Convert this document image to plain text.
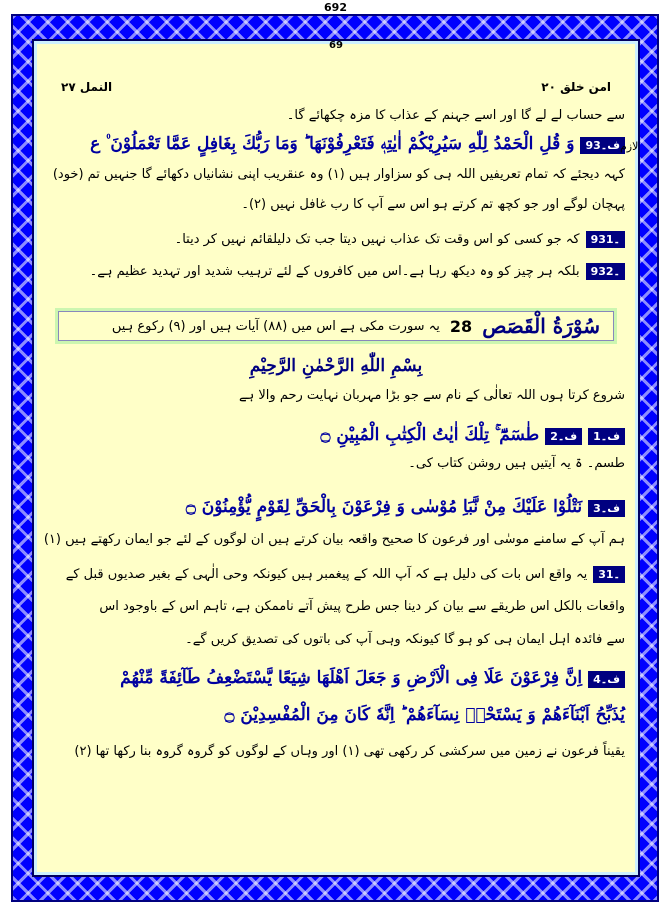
692
69
امن خلق ۲۰
النمل ۲۷
سے حساب لے لے گا اور اسے جہنم کے عذاب کا مزہ چکھائے گا۔
ف۔93وَ قُلِ الْحَمْدُ لِلّٰهِ سَيُرِيْكُمْ اٰيٰتِهٖ فَتَعْرِفُوْنَهَا ؕ وَمَا رَبُّكَ بِغَافِلٍ عَمَّا تَعْمَلُوْنَ ۠ ع
کہہ دیجئے کہ تمام تعریفیں اللہ ہی کو سزاوار ہیں (۱) وہ عنقریب اپنی نشانیاں دکھائے گا جنہیں تم (خود)
پہچان لوگے اور جو کچھ تم کرتے ہو اس سے آپ کا رب غافل نہیں (۲)۔
93۔1کہ جو کسی کو اس وقت تک عذاب نہیں دیتا جب تک دلیلقائم نہیں کر دیتا۔
93۔2بلکہ ہر چیز کو وہ دیکھ رہا ہے۔اس میں کافروں کے لئے ترہیب شدید اور تہدید عظیم ہے۔
سُوْرَةُ الْقَصَص
28
یہ سورت مکی ہے اس میں (۸۸) آیات ہیں اور (۹) رکوع ہیں
بِسْمِ اللّٰهِ الرَّحْمٰنِ الرَّحِيْمِ
شروع کرتا ہوں اللہ تعالٰی کے نام سے جو بڑا مہربان نہایت رحم والا ہے
ف۔1ف۔2طٰسٓمّٓ ۚ تِلْكَ اٰيٰتُ الْكِتٰبِ الْمُبِيْنِ ۝
طسم۔ ۃ یہ آیتیں ہیں روشن کتاب کی۔
ف۔3نَتْلُوْا عَلَيْكَ مِنْ نَّبَاِ مُوْسٰى وَ فِرْعَوْنَ بِالْحَقِّ لِقَوْمٍ يُّؤْمِنُوْنَ ۝
ہم آپ کے سامنے موسٰی اور فرعون کا صحیح واقعہ بیان کرتے ہیں ان لوگوں کے لئے جو ایمان رکھتے ہیں (۱)
3۔1یہ واقع اس بات کی دلیل ہے کہ آپ اللہ کے پیغمبر ہیں کیونکہ وحی الٰہی کے بغیر صدیوں قبل کے
واقعات بالکل اس طریقے سے بیان کر دینا جس طرح پیش آتے ناممکن ہے، تاہم اس کے باوجود اس
سے فائدہ اہل ایمان ہی کو ہو گا کیونکہ وہی آپ کی باتوں کی تصدیق کریں گے۔
ف۔4اِنَّ فِرْعَوْنَ عَلَا فِى الْاَرْضِ وَ جَعَلَ اَهْلَهَا شِيَعًا يَّسْتَضْعِفُ طَآئِفَةً مِّنْهُمْ
يُذَبِّحُ اَبْنَآءَهُمْ وَ يَسْتَحْيٖ نِسَآءَهُمْ ؕ اِنَّهٗ كَانَ مِنَ الْمُفْسِدِيْنَ ۝
یقیناً فرعون نے زمین میں سرکشی کر رکھی تھی (۱) اور وہاں کے لوگوں کو گروہ گروہ بنا رکھا تھا (۲)
لازم
